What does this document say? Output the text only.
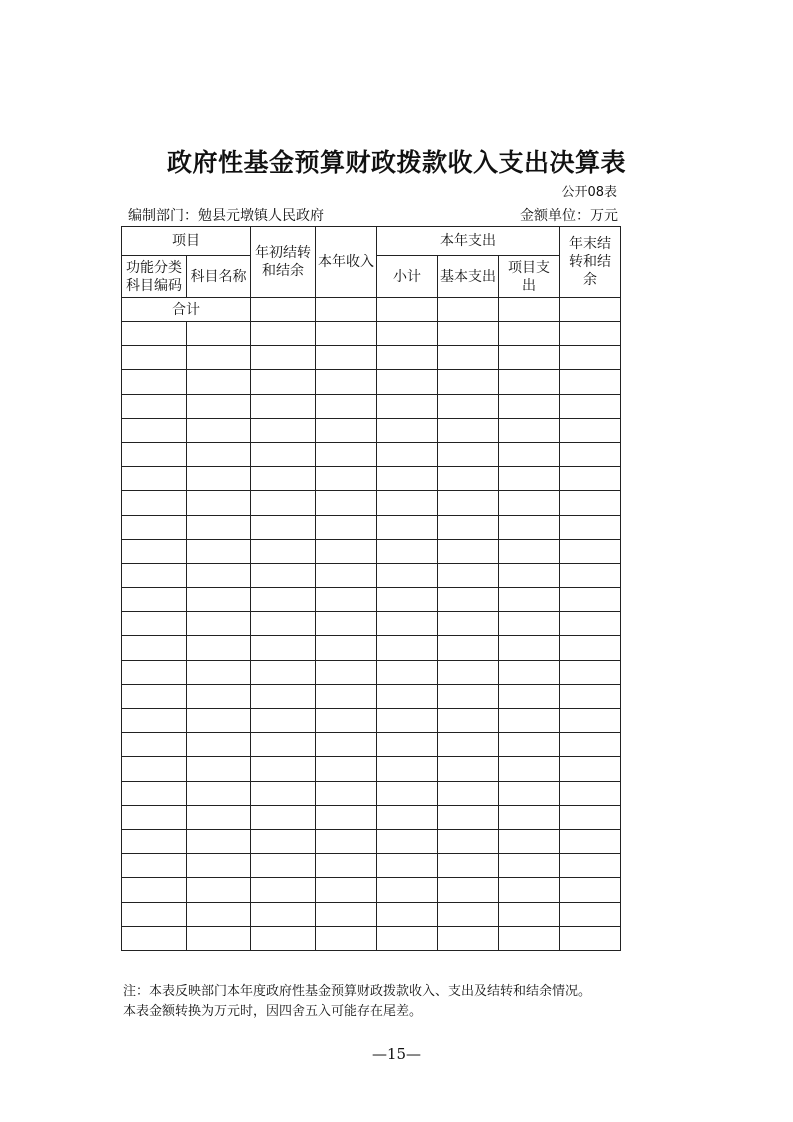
政府性基金预算财政拨款收入支出决算表
公开08表
编制部门：勉县元墩镇人民政府	金额单位：万元
项目		年初结转和结余	本年收入	本年支出			年末结转和结余

功能分类科目编码	科目名称			小计	基本支出	项目支出	

合计							

注：本表反映部门本年度政府性基金预算财政拨款收入、支出及结转和结余情况。
本表金额转换为万元时，因四舍五入可能存在尾差。
—15—
